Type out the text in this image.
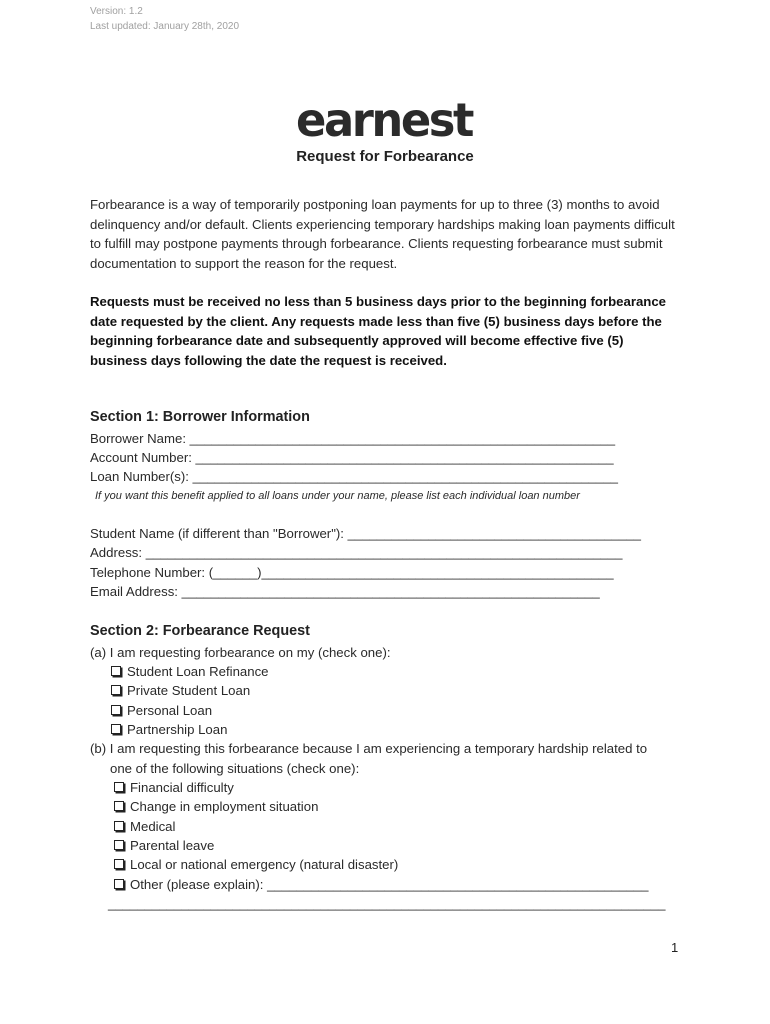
Version: 1.2
Last updated: January 28th, 2020
earnest
Request for Forbearance
Forbearance is a way of temporarily postponing loan payments for up to three (3) months to avoid delinquency and/or default. Clients experiencing temporary hardships making loan payments difficult to fulfill may postpone payments through forbearance. Clients requesting forbearance must submit documentation to support the reason for the request.
Requests must be received no less than 5 business days prior to the beginning forbearance date requested by the client. Any requests made less than five (5) business days before the beginning forbearance date and subsequently approved will become effective five (5) business days following the date the request is received.
Section 1: Borrower Information
Borrower Name: __________________________________________________________
Account Number: _________________________________________________________
Loan Number(s): __________________________________________________________
If you want this benefit applied to all loans under your name, please list each individual loan number
Student Name (if different than "Borrower"): ________________________________________
Address: _________________________________________________________________
Telephone Number: (______)________________________________________________
Email Address: _________________________________________________________
Section 2: Forbearance Request
(a) I am requesting forbearance on my (check one):
Student Loan Refinance
Private Student Loan
Personal Loan
Partnership Loan
(b) I am requesting this forbearance because I am experiencing a temporary hardship related to
one of the following situations (check one):
Financial difficulty
Change in employment situation
Medical
Parental leave
Local or national emergency (natural disaster)
Other (please explain): ____________________________________________________
____________________________________________________________________________
1
